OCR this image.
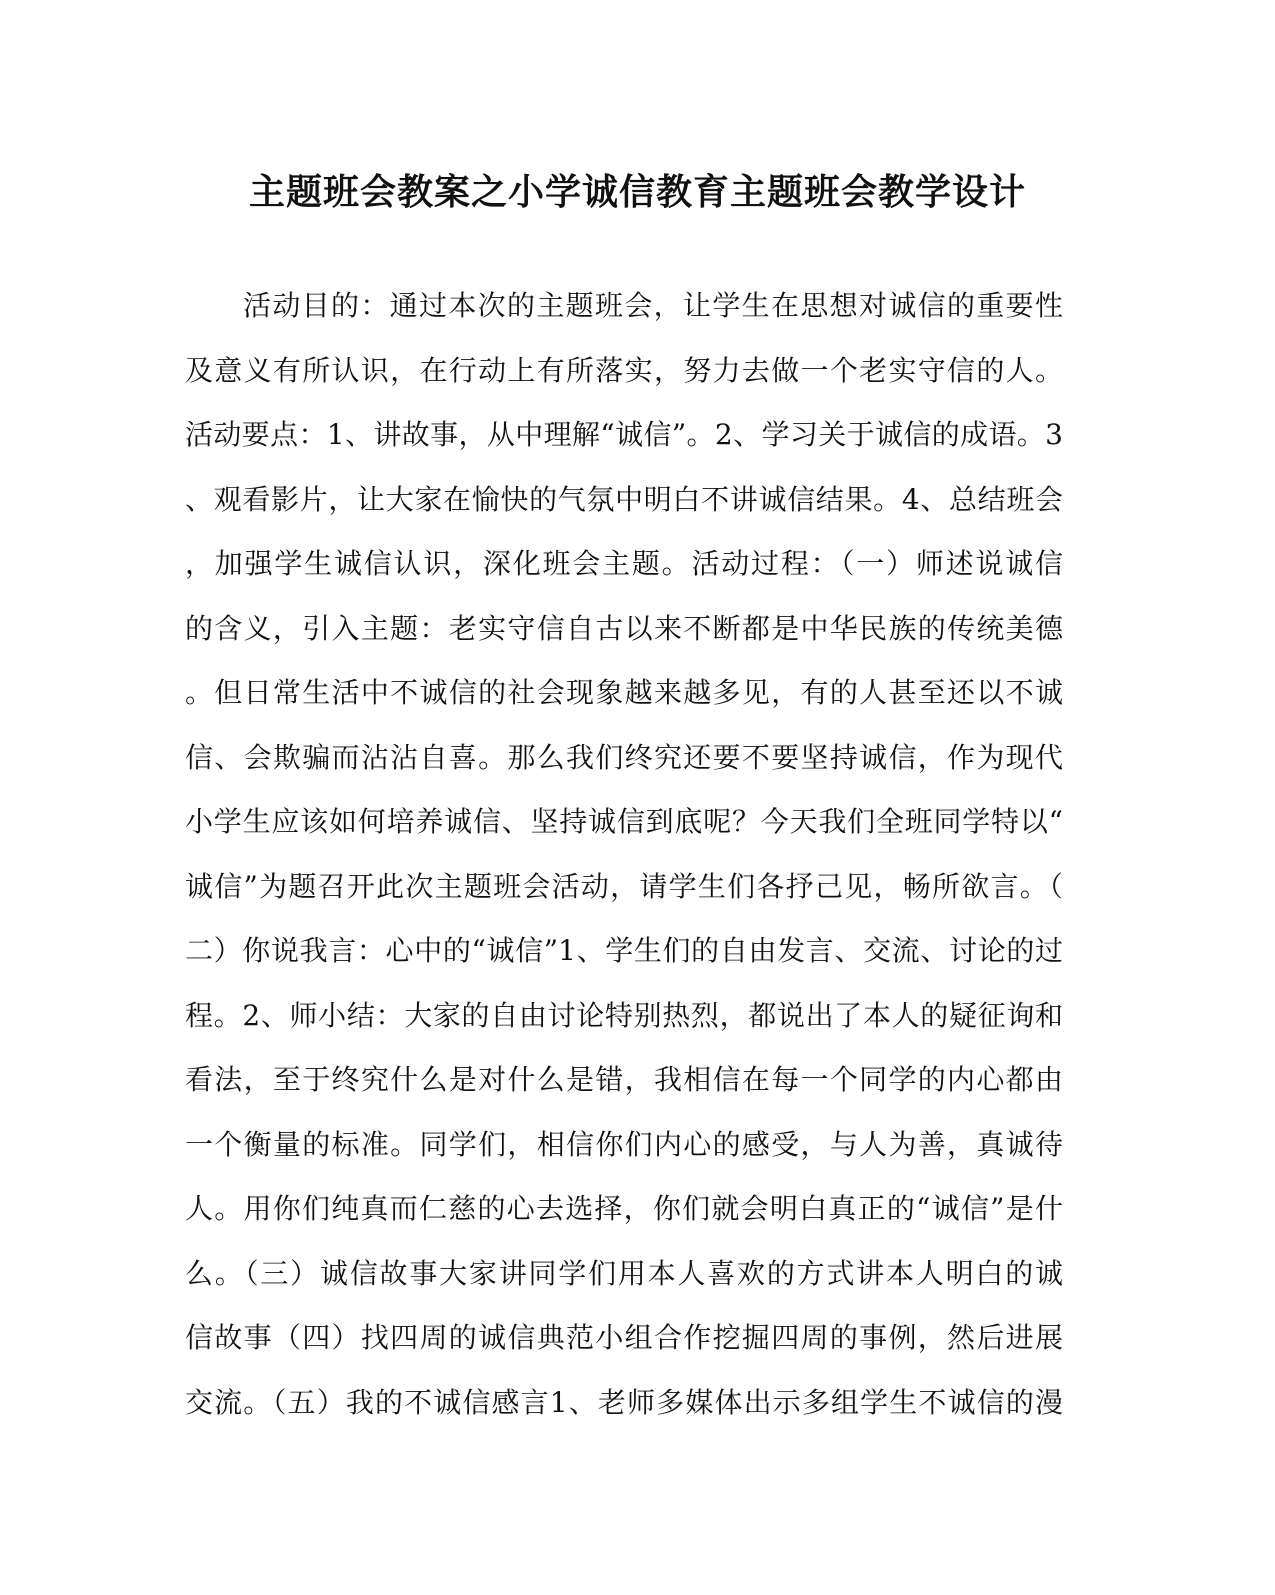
主题班会教案之小学诚信教育主题班会教学设计
活动目的：通过本次的主题班会，让学生在思想对诚信的重要性
及意义有所认识，在行动上有所落实，努力去做一个老实守信的人。
活动要点：1、讲故事，从中理解“诚信”。2、学习关于诚信的成语。3
、观看影片，让大家在愉快的气氛中明白不讲诚信结果。4、总结班会
，加强学生诚信认识，深化班会主题。活动过程：（一）师述说诚信
的含义，引入主题：老实守信自古以来不断都是中华民族的传统美德
。但日常生活中不诚信的社会现象越来越多见，有的人甚至还以不诚
信、会欺骗而沾沾自喜。那么我们终究还要不要坚持诚信，作为现代
小学生应该如何培养诚信、坚持诚信到底呢？今天我们全班同学特以“
诚信”为题召开此次主题班会活动，请学生们各抒己见，畅所欲言。（
二）你说我言：心中的“诚信”1、学生们的自由发言、交流、讨论的过
程。2、师小结：大家的自由讨论特别热烈，都说出了本人的疑征询和
看法，至于终究什么是对什么是错，我相信在每一个同学的内心都由
一个衡量的标准。同学们，相信你们内心的感受，与人为善，真诚待
人。用你们纯真而仁慈的心去选择，你们就会明白真正的“诚信”是什
么。（三）诚信故事大家讲同学们用本人喜欢的方式讲本人明白的诚
信故事（四）找四周的诚信典范小组合作挖掘四周的事例，然后进展
交流。（五）我的不诚信感言1、老师多媒体出示多组学生不诚信的漫
